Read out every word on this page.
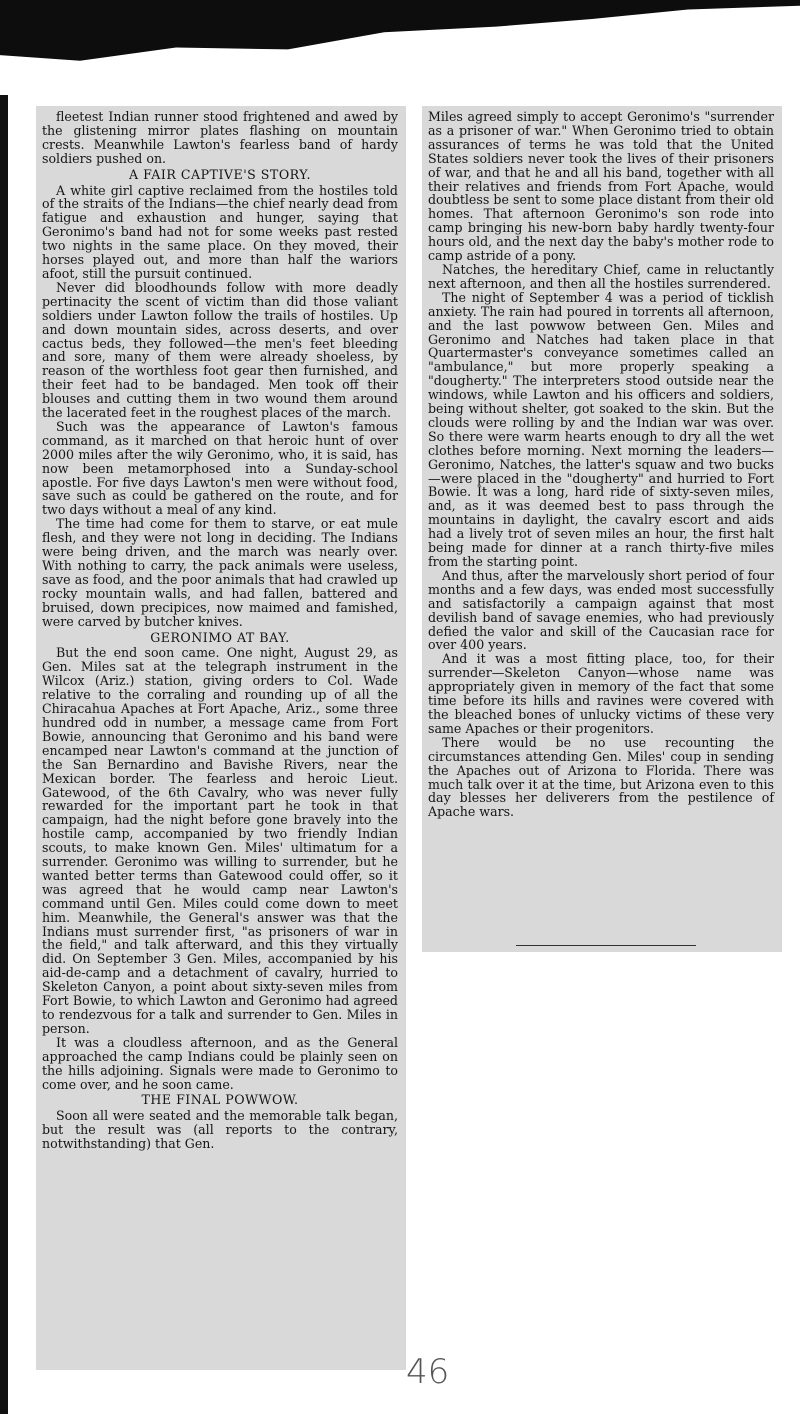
fleetest Indian runner stood frightened and awed by the glistening mirror plates flashing on mountain crests. Meanwhile Lawton's fearless band of hardy soldiers pushed on.

A FAIR CAPTIVE'S STORY.

A white girl captive reclaimed from the hostiles told of the straits of the Indians—the chief nearly dead from fatigue and exhaustion and hunger, saying that Geronimo's band had not for some weeks past rested two nights in the same place. On they moved, their horses played out, and more than half the wariors afoot, still the pursuit continued.

Never did bloodhounds follow with more deadly pertinacity the scent of victim than did those valiant soldiers under Lawton follow the trails of hostiles. Up and down mountain sides, across deserts, and over cactus beds, they followed—the men's feet bleeding and sore, many of them were already shoeless, by reason of the worthless foot gear then furnished, and their feet had to be bandaged. Men took off their blouses and cutting them in two wound them around the lacerated feet in the roughest places of the march.

Such was the appearance of Lawton's famous command, as it marched on that heroic hunt of over 2000 miles after the wily Geronimo, who, it is said, has now been metamorphosed into a Sunday-school apostle. For five days Lawton's men were without food, save such as could be gathered on the route, and for two days without a meal of any kind.

The time had come for them to starve, or eat mule flesh, and they were not long in deciding. The Indians were being driven, and the march was nearly over. With nothing to carry, the pack animals were useless, save as food, and the poor animals that had crawled up rocky mountain walls, and had fallen, battered and bruised, down precipices, now maimed and famished, were carved by butcher knives.

GERONIMO AT BAY.

But the end soon came. One night, August 29, as Gen. Miles sat at the telegraph instrument in the Wilcox (Ariz.) station, giving orders to Col. Wade relative to the corraling and rounding up of all the Chiracahua Apaches at Fort Apache, Ariz., some three hundred odd in number, a message came from Fort Bowie, announcing that Geronimo and his band were encamped near Lawton's command at the junction of the San Bernardino and Bavishe Rivers, near the Mexican border. The fearless and heroic Lieut. Gatewood, of the 6th Cavalry, who was never fully rewarded for the important part he took in that campaign, had the night before gone bravely into the hostile camp, accompanied by two friendly Indian scouts, to make known Gen. Miles' ultimatum for a surrender. Geronimo was willing to surrender, but he wanted better terms than Gatewood could offer, so it was agreed that he would camp near Lawton's command until Gen. Miles could come down to meet him. Meanwhile, the General's answer was that the Indians must surrender first, "as prisoners of war in the field," and talk afterward, and this they virtually did. On September 3 Gen. Miles, accompanied by his aid-de-camp and a detachment of cavalry, hurried to Skeleton Canyon, a point about sixty-seven miles from Fort Bowie, to which Lawton and Geronimo had agreed to rendezvous for a talk and surrender to Gen. Miles in person.

It was a cloudless afternoon, and as the General approached the camp Indians could be plainly seen on the hills adjoining. Signals were made to Geronimo to come over, and he soon came.

THE FINAL POWWOW.

Soon all were seated and the memorable talk began, but the result was (all reports to the contrary, notwithstanding) that Gen.

Miles agreed simply to accept Geronimo's "surrender as a prisoner of war." When Geronimo tried to obtain assurances of terms he was told that the United States soldiers never took the lives of their prisoners of war, and that he and all his band, together with all their relatives and friends from Fort Apache, would doubtless be sent to some place distant from their old homes. That afternoon Geronimo's son rode into camp bringing his new-born baby hardly twenty-four hours old, and the next day the baby's mother rode to camp astride of a pony.

Natches, the hereditary Chief, came in reluctantly next afternoon, and then all the hostiles surrendered.

The night of September 4 was a period of ticklish anxiety. The rain had poured in torrents all afternoon, and the last powwow between Gen. Miles and Geronimo and Natches had taken place in that Quartermaster's conveyance sometimes called an "ambulance," but more properly speaking a "dougherty." The interpreters stood outside near the windows, while Lawton and his officers and soldiers, being without shelter, got soaked to the skin. But the clouds were rolling by and the Indian war was over. So there were warm hearts enough to dry all the wet clothes before morning. Next morning the leaders—Geronimo, Natches, the latter's squaw and two bucks—were placed in the "dougherty" and hurried to Fort Bowie. It was a long, hard ride of sixty-seven miles, and, as it was deemed best to pass through the mountains in daylight, the cavalry escort and aids had a lively trot of seven miles an hour, the first halt being made for dinner at a ranch thirty-five miles from the starting point.

And thus, after the marvelously short period of four months and a few days, was ended most successfully and satisfactorily a campaign against that most devilish band of savage enemies, who had previously defied the valor and skill of the Caucasian race for over 400 years.

And it was a most fitting place, too, for their surrender—Skeleton Canyon—whose name was appropriately given in memory of the fact that some time before its hills and ravines were covered with the bleached bones of unlucky victims of these very same Apaches or their progenitors.

There would be no use recounting the circumstances attending Gen. Miles' coup in sending the Apaches out of Arizona to Florida. There was much talk over it at the time, but Arizona even to this day blesses her deliverers from the pestilence of Apache wars.

46
